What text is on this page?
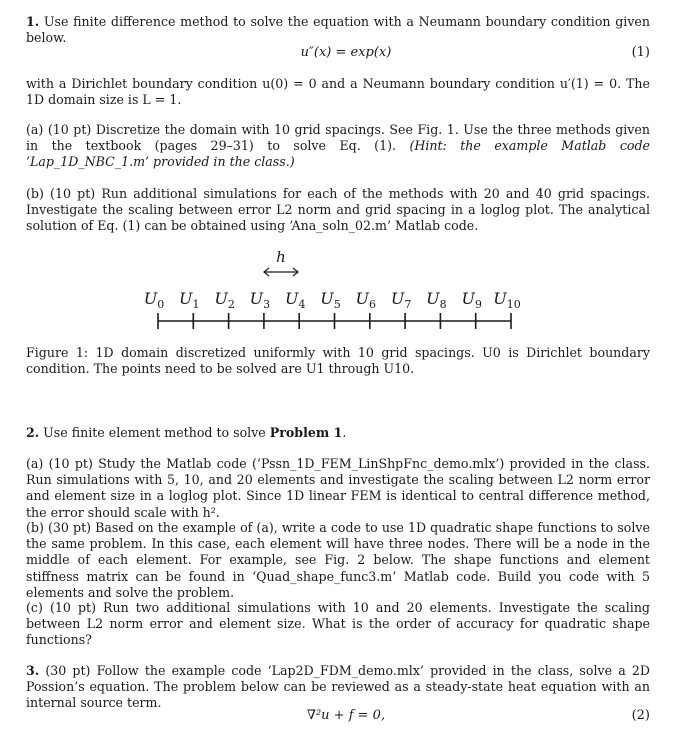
1. Use finite difference method to solve the equation with a Neumann boundary condition given below.

u″(x) = exp(x)	(1)

with a Dirichlet boundary condition u(0) = 0 and a Neumann boundary condition u′(1) = 0. The 1D domain size is L = 1.

(a) (10 pt) Discretize the domain with 10 grid spacings. See Fig. 1. Use the three methods given in the textbook (pages 29–31) to solve Eq. (1). (Hint: the example Matlab code ‘Lap_1D_NBC_1.m’ provided in the class.)

(b) (10 pt) Run additional simulations for each of the methods with 20 and 40 grid spacings. Investigate the scaling between error L2 norm and grid spacing in a loglog plot. The analytical solution of Eq. (1) can be obtained using ‘Ana_soln_02.m’ Matlab code.

h
$U_0$ $U_1$ $U_2$ $U_3$ $U_4$ $U_5$ $U_6$ $U_7$ $U_8$ $U_9$ $U_{10}$
Figure 1: 1D domain discretized uniformly with 10 grid spacings. U0 is Dirichlet boundary condition. The points need to be solved are U1 through U10.

2. Use finite element method to solve Problem 1.

(a) (10 pt) Study the Matlab code (‘Pssn_1D_FEM_LinShpFnc_demo.mlx’) provided in the class. Run simulations with 5, 10, and 20 elements and investigate the scaling between L2 norm error and element size in a loglog plot. Since 1D linear FEM is identical to central difference method, the error should scale with h².

(b) (30 pt) Based on the example of (a), write a code to use 1D quadratic shape functions to solve the same problem. In this case, each element will have three nodes. There will be a node in the middle of each element. For example, see Fig. 2 below. The shape functions and element stiffness matrix can be found in ‘Quad_shape_func3.m’ Matlab code. Build you code with 5 elements and solve the problem.

(c) (10 pt) Run two additional simulations with 10 and 20 elements. Investigate the scaling between L2 norm error and element size. What is the order of accuracy for quadratic shape functions?

3. (30 pt) Follow the example code ‘Lap2D_FDM_demo.mlx’ provided in the class, solve a 2D Possion’s equation. The problem below can be reviewed as a steady-state heat equation with an internal source term.

∇²u + f = 0,	(2)
